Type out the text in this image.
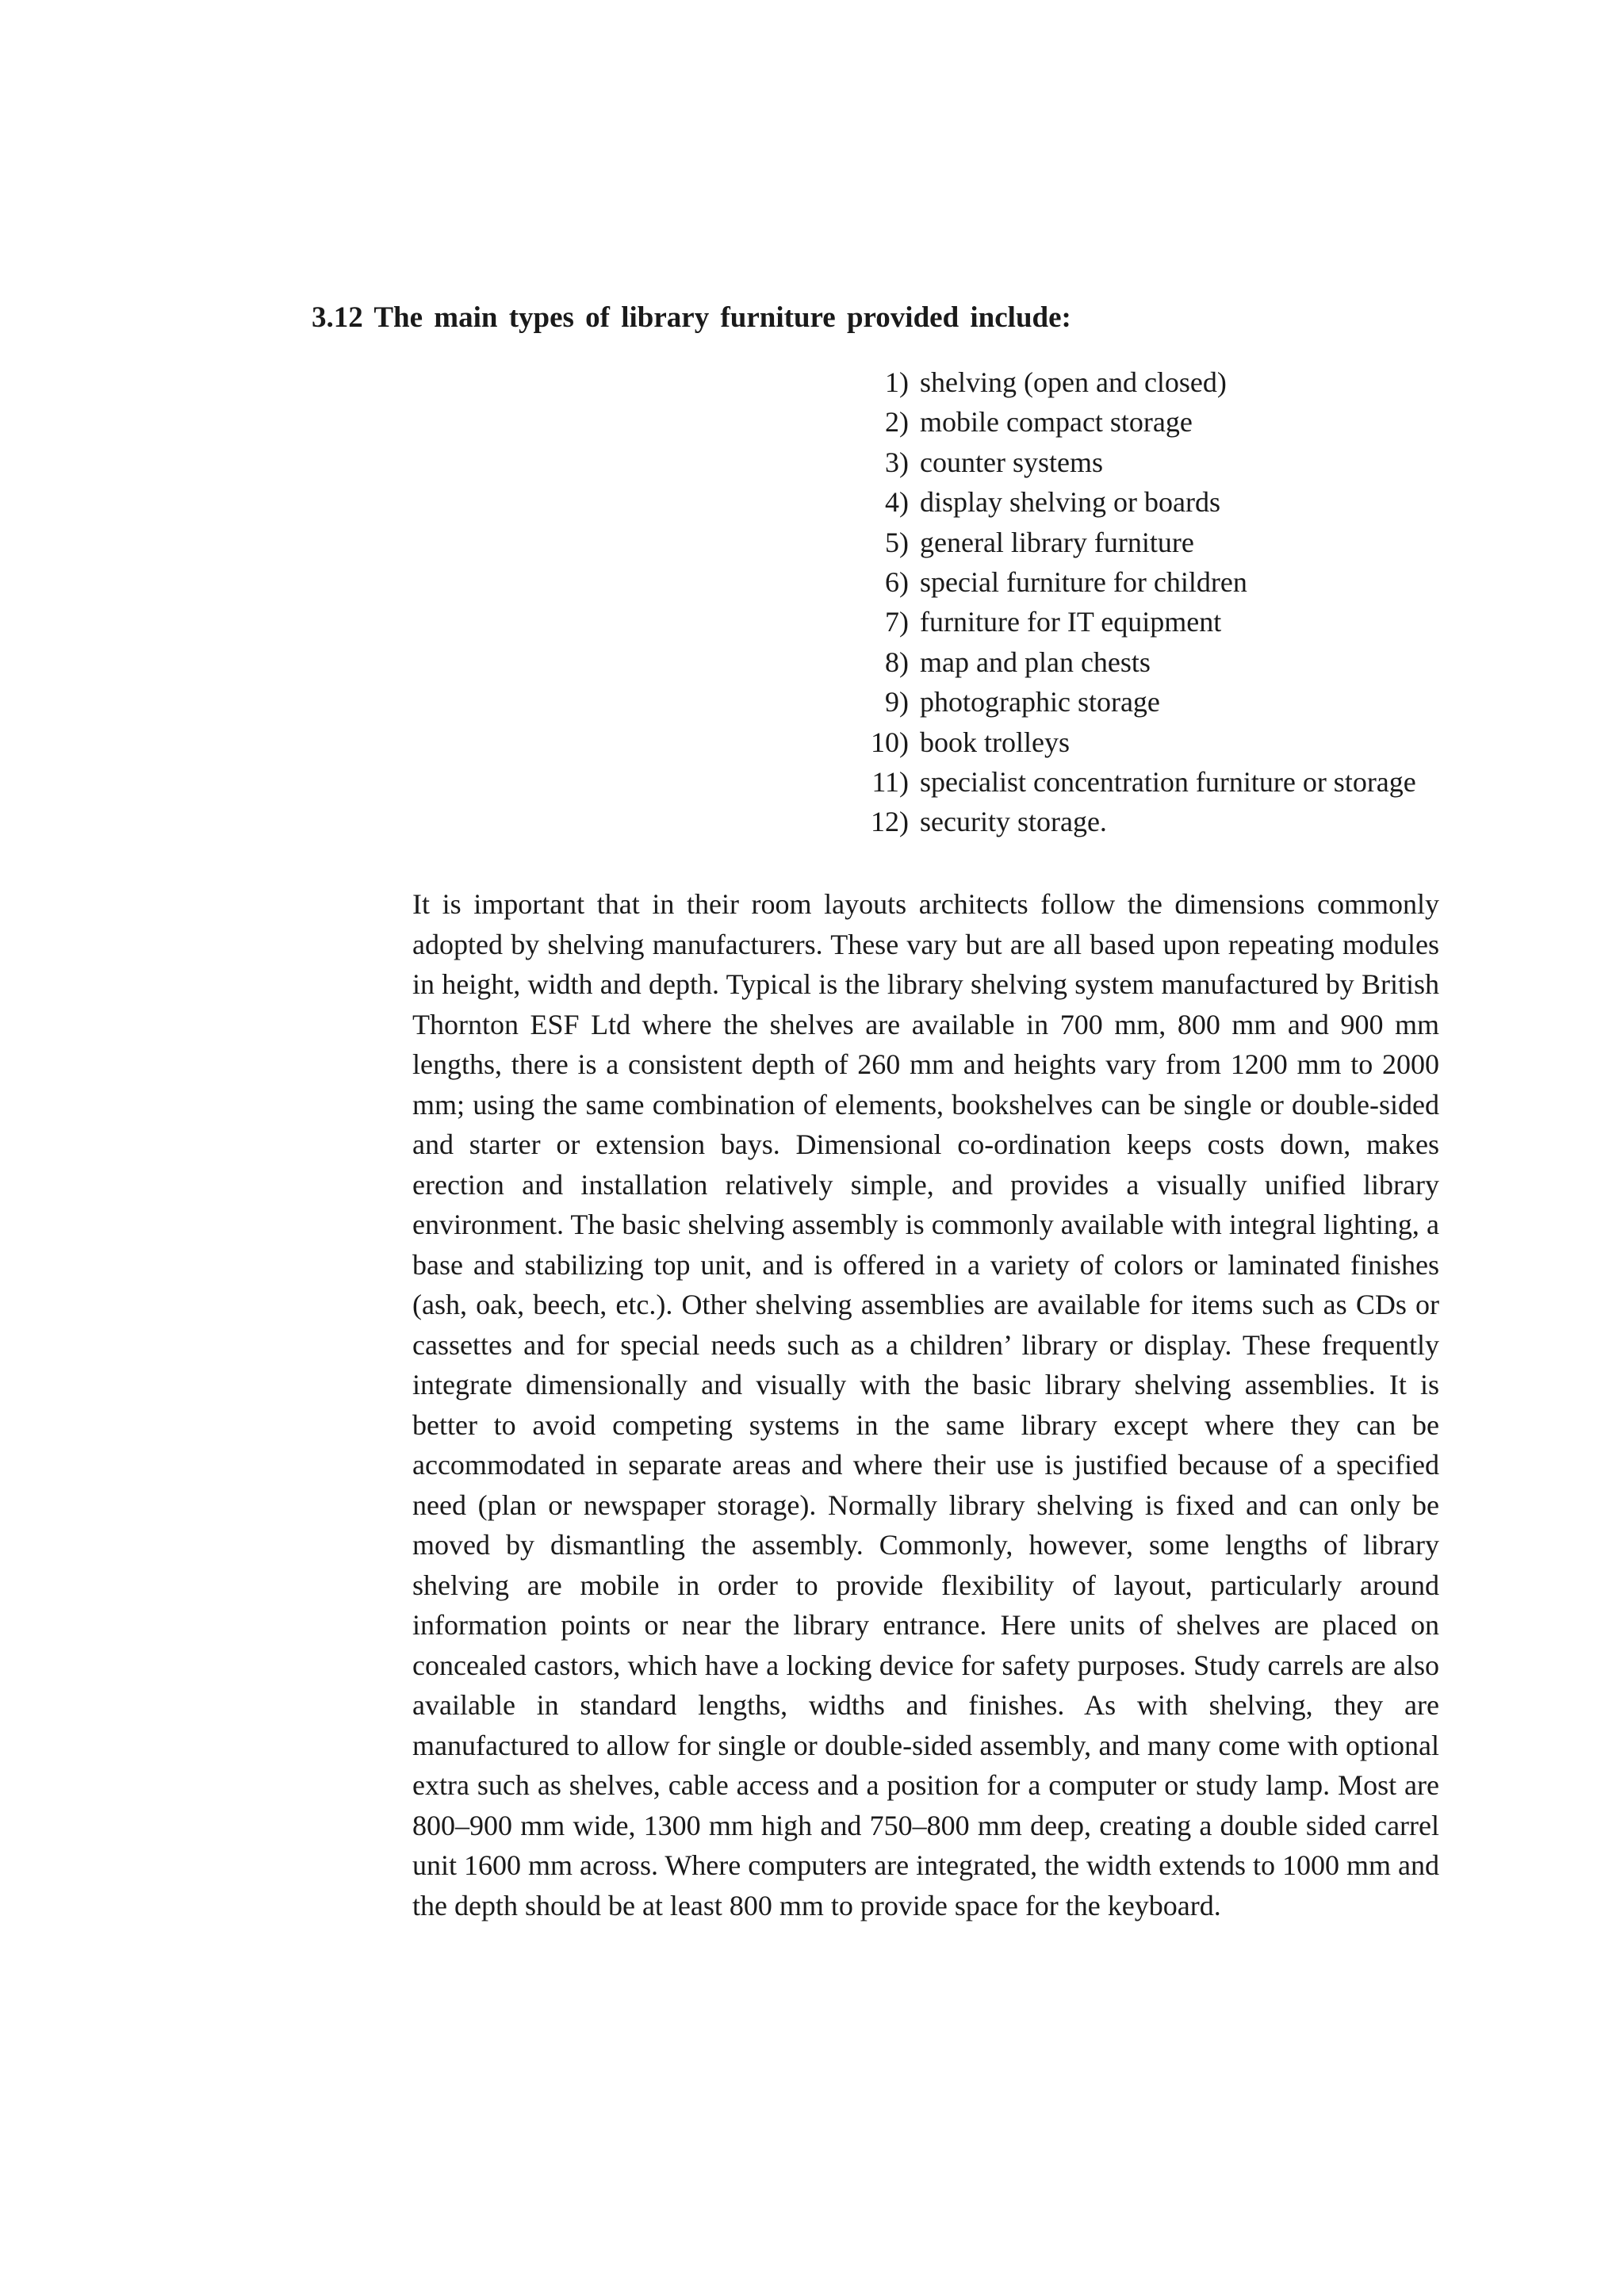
3.12 The main types of library furniture provided include:
1) shelving (open and closed)
2) mobile compact storage
3) counter systems
4) display shelving or boards
5) general library furniture
6) special furniture for children
7) furniture for IT equipment
8) map and plan chests
9) photographic storage
10) book trolleys
11) specialist concentration furniture or storage
12) security storage.

It is important that in their room layouts architects follow the dimensions commonly adopted by shelving manufacturers. These vary but are all based upon repeating modules in height, width and depth. Typical is the library shelving system manufactured by British Thornton ESF Ltd where the shelves are available in 700 mm, 800 mm and 900 mm lengths, there is a consistent depth of 260 mm and heights vary from 1200 mm to 2000 mm; using the same combination of elements, bookshelves can be single or double-sided and starter or extension bays. Dimensional co-ordination keeps costs down, makes erection and installation relatively simple, and provides a visually unified library environment. The basic shelving assembly is commonly available with integral lighting, a base and stabilizing top unit, and is offered in a variety of colors or laminated finishes (ash, oak, beech, etc.). Other shelving assemblies are available for items such as CDs or cassettes and for special needs such as a children’ library or display. These frequently integrate dimensionally and visually with the basic library shelving assemblies. It is better to avoid competing systems in the same library except where they can be accommodated in separate areas and where their use is justified because of a specified need (plan or newspaper storage). Normally library shelving is fixed and can only be moved by dismantling the assembly. Commonly, however, some lengths of library shelving are mobile in order to provide flexibility of layout, particularly around information points or near the library entrance. Here units of shelves are placed on concealed castors, which have a locking device for safety purposes. Study carrels are also available in standard lengths, widths and finishes. As with shelving, they are manufactured to allow for single or double-sided assembly, and many come with optional extra such as shelves, cable access and a position for a computer or study lamp. Most are 800–900 mm wide, 1300 mm high and 750–800 mm deep, creating a double sided carrel unit 1600 mm across. Where computers are integrated, the width extends to 1000 mm and the depth should be at least 800 mm to provide space for the keyboard.
